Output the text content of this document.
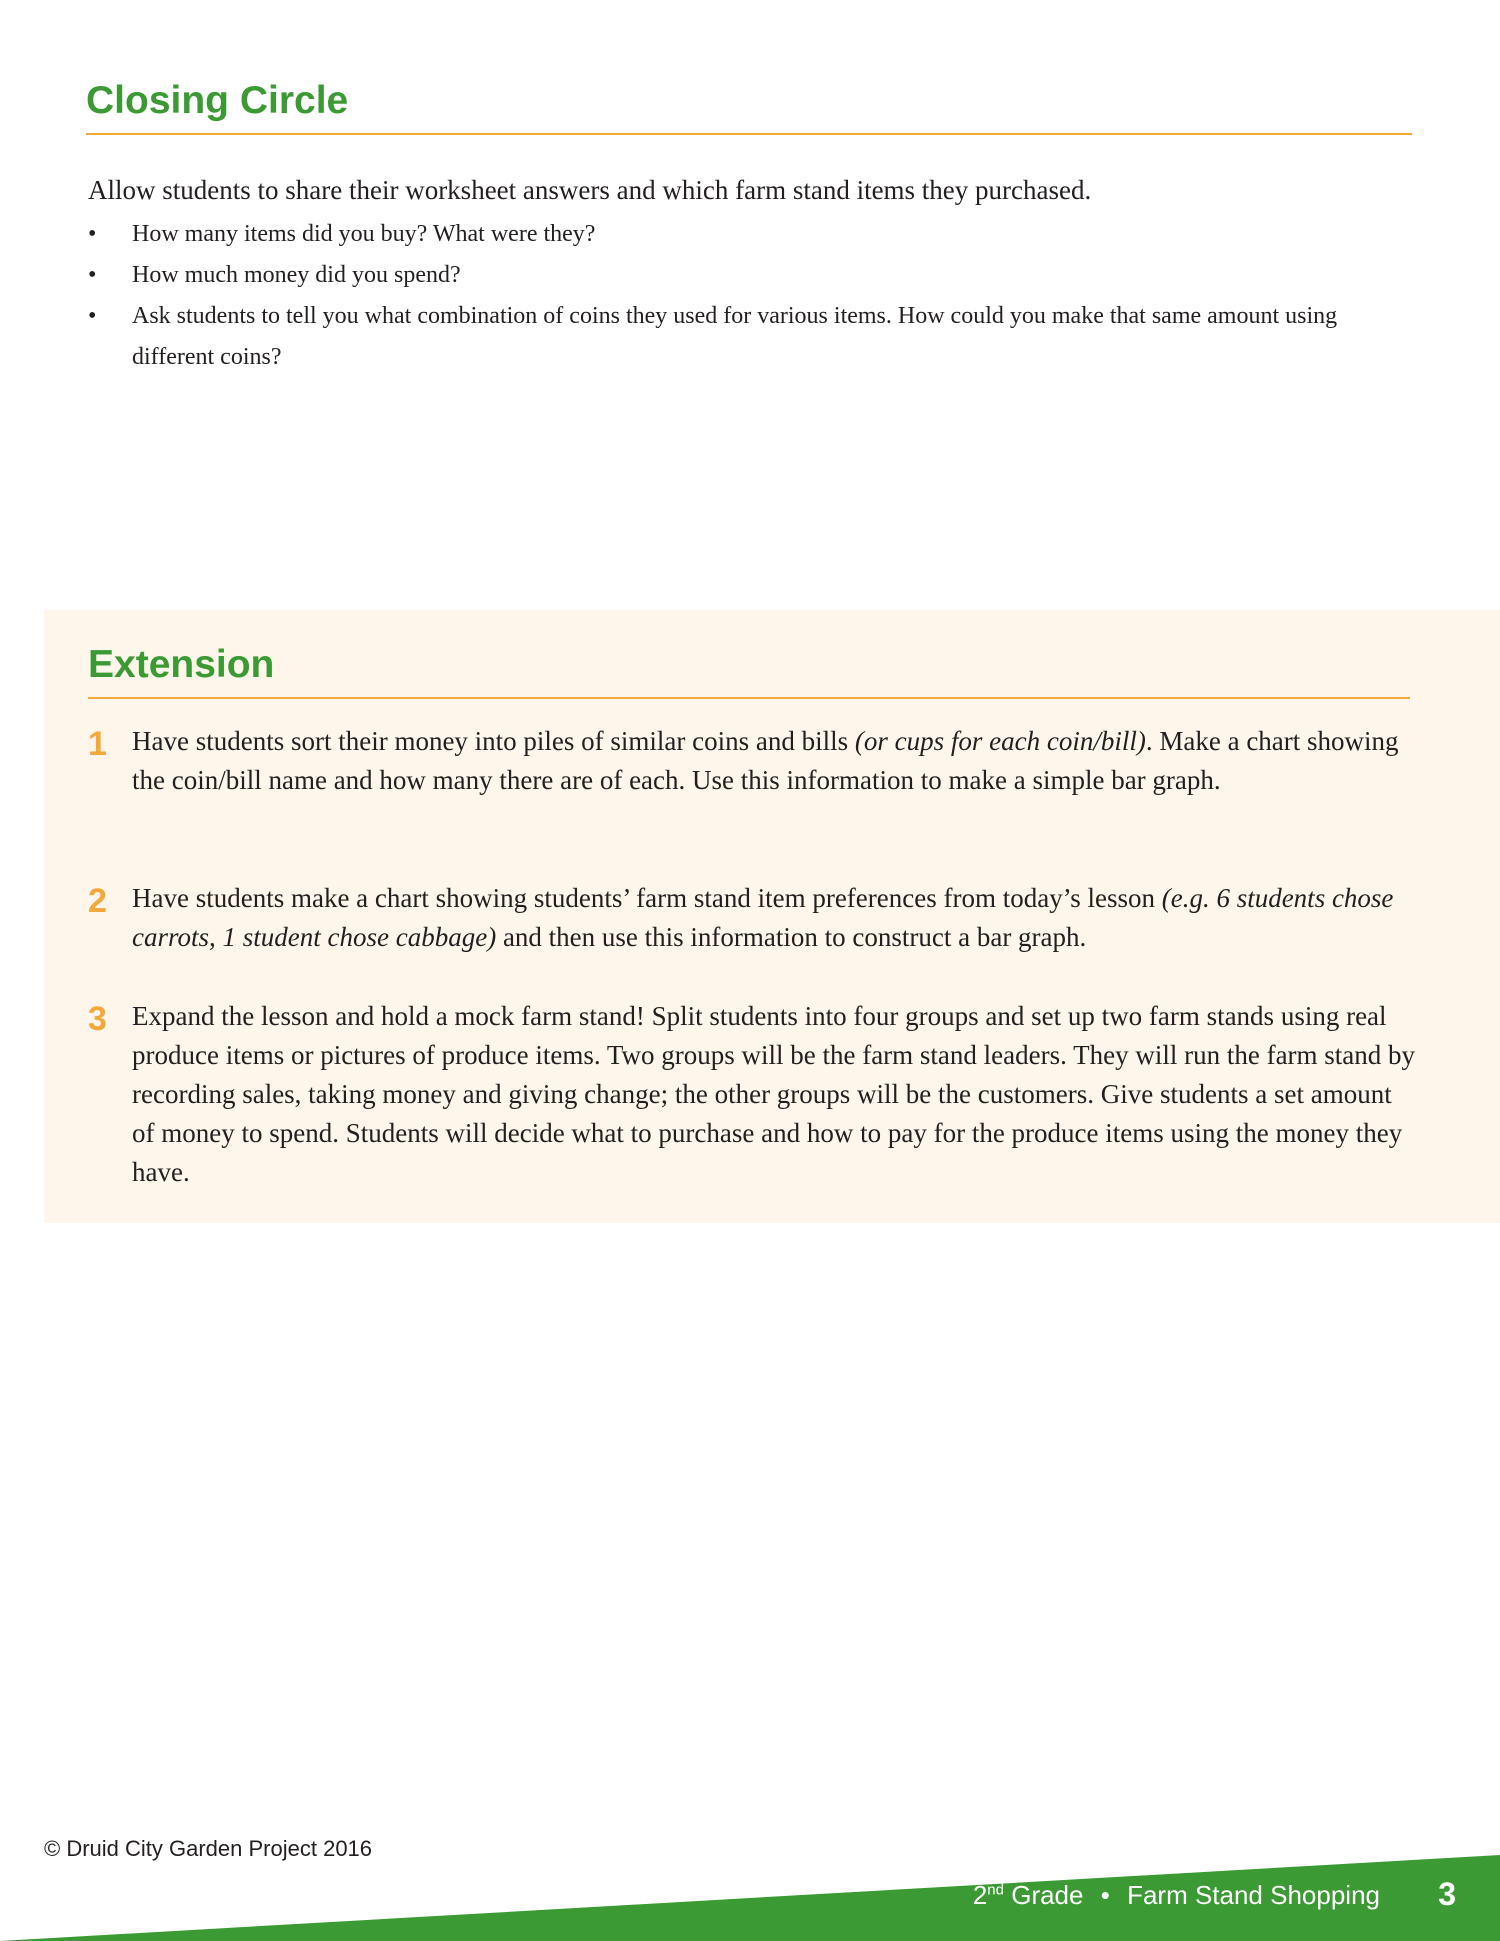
Closing Circle

Allow students to share their worksheet answers and which farm stand items they purchased.

• How many items did you buy? What were they?
• How much money did you spend?
• Ask students to tell you what combination of coins they used for various items. How could you make that same amount using different coins?
Extension
1 Have students sort their money into piles of similar coins and bills (or cups for each coin/bill). Make a chart showing the coin/bill name and how many there are of each. Use this information to make a simple bar graph.

2 Have students make a chart showing students’ farm stand item preferences from today’s lesson (e.g. 6 students chose carrots, 1 student chose cabbage) and then use this information to construct a bar graph.

3 Expand the lesson and hold a mock farm stand! Split students into four groups and set up two farm stands using real produce items or pictures of produce items. Two groups will be the farm stand leaders. They will run the farm stand by recording sales, taking money and giving change; the other groups will be the customers. Give students a set amount of money to spend. Students will decide what to purchase and how to pay for the produce items using the money they have.

© Druid City Garden Project 2016
2nd Grade • Farm Stand Shopping 3
